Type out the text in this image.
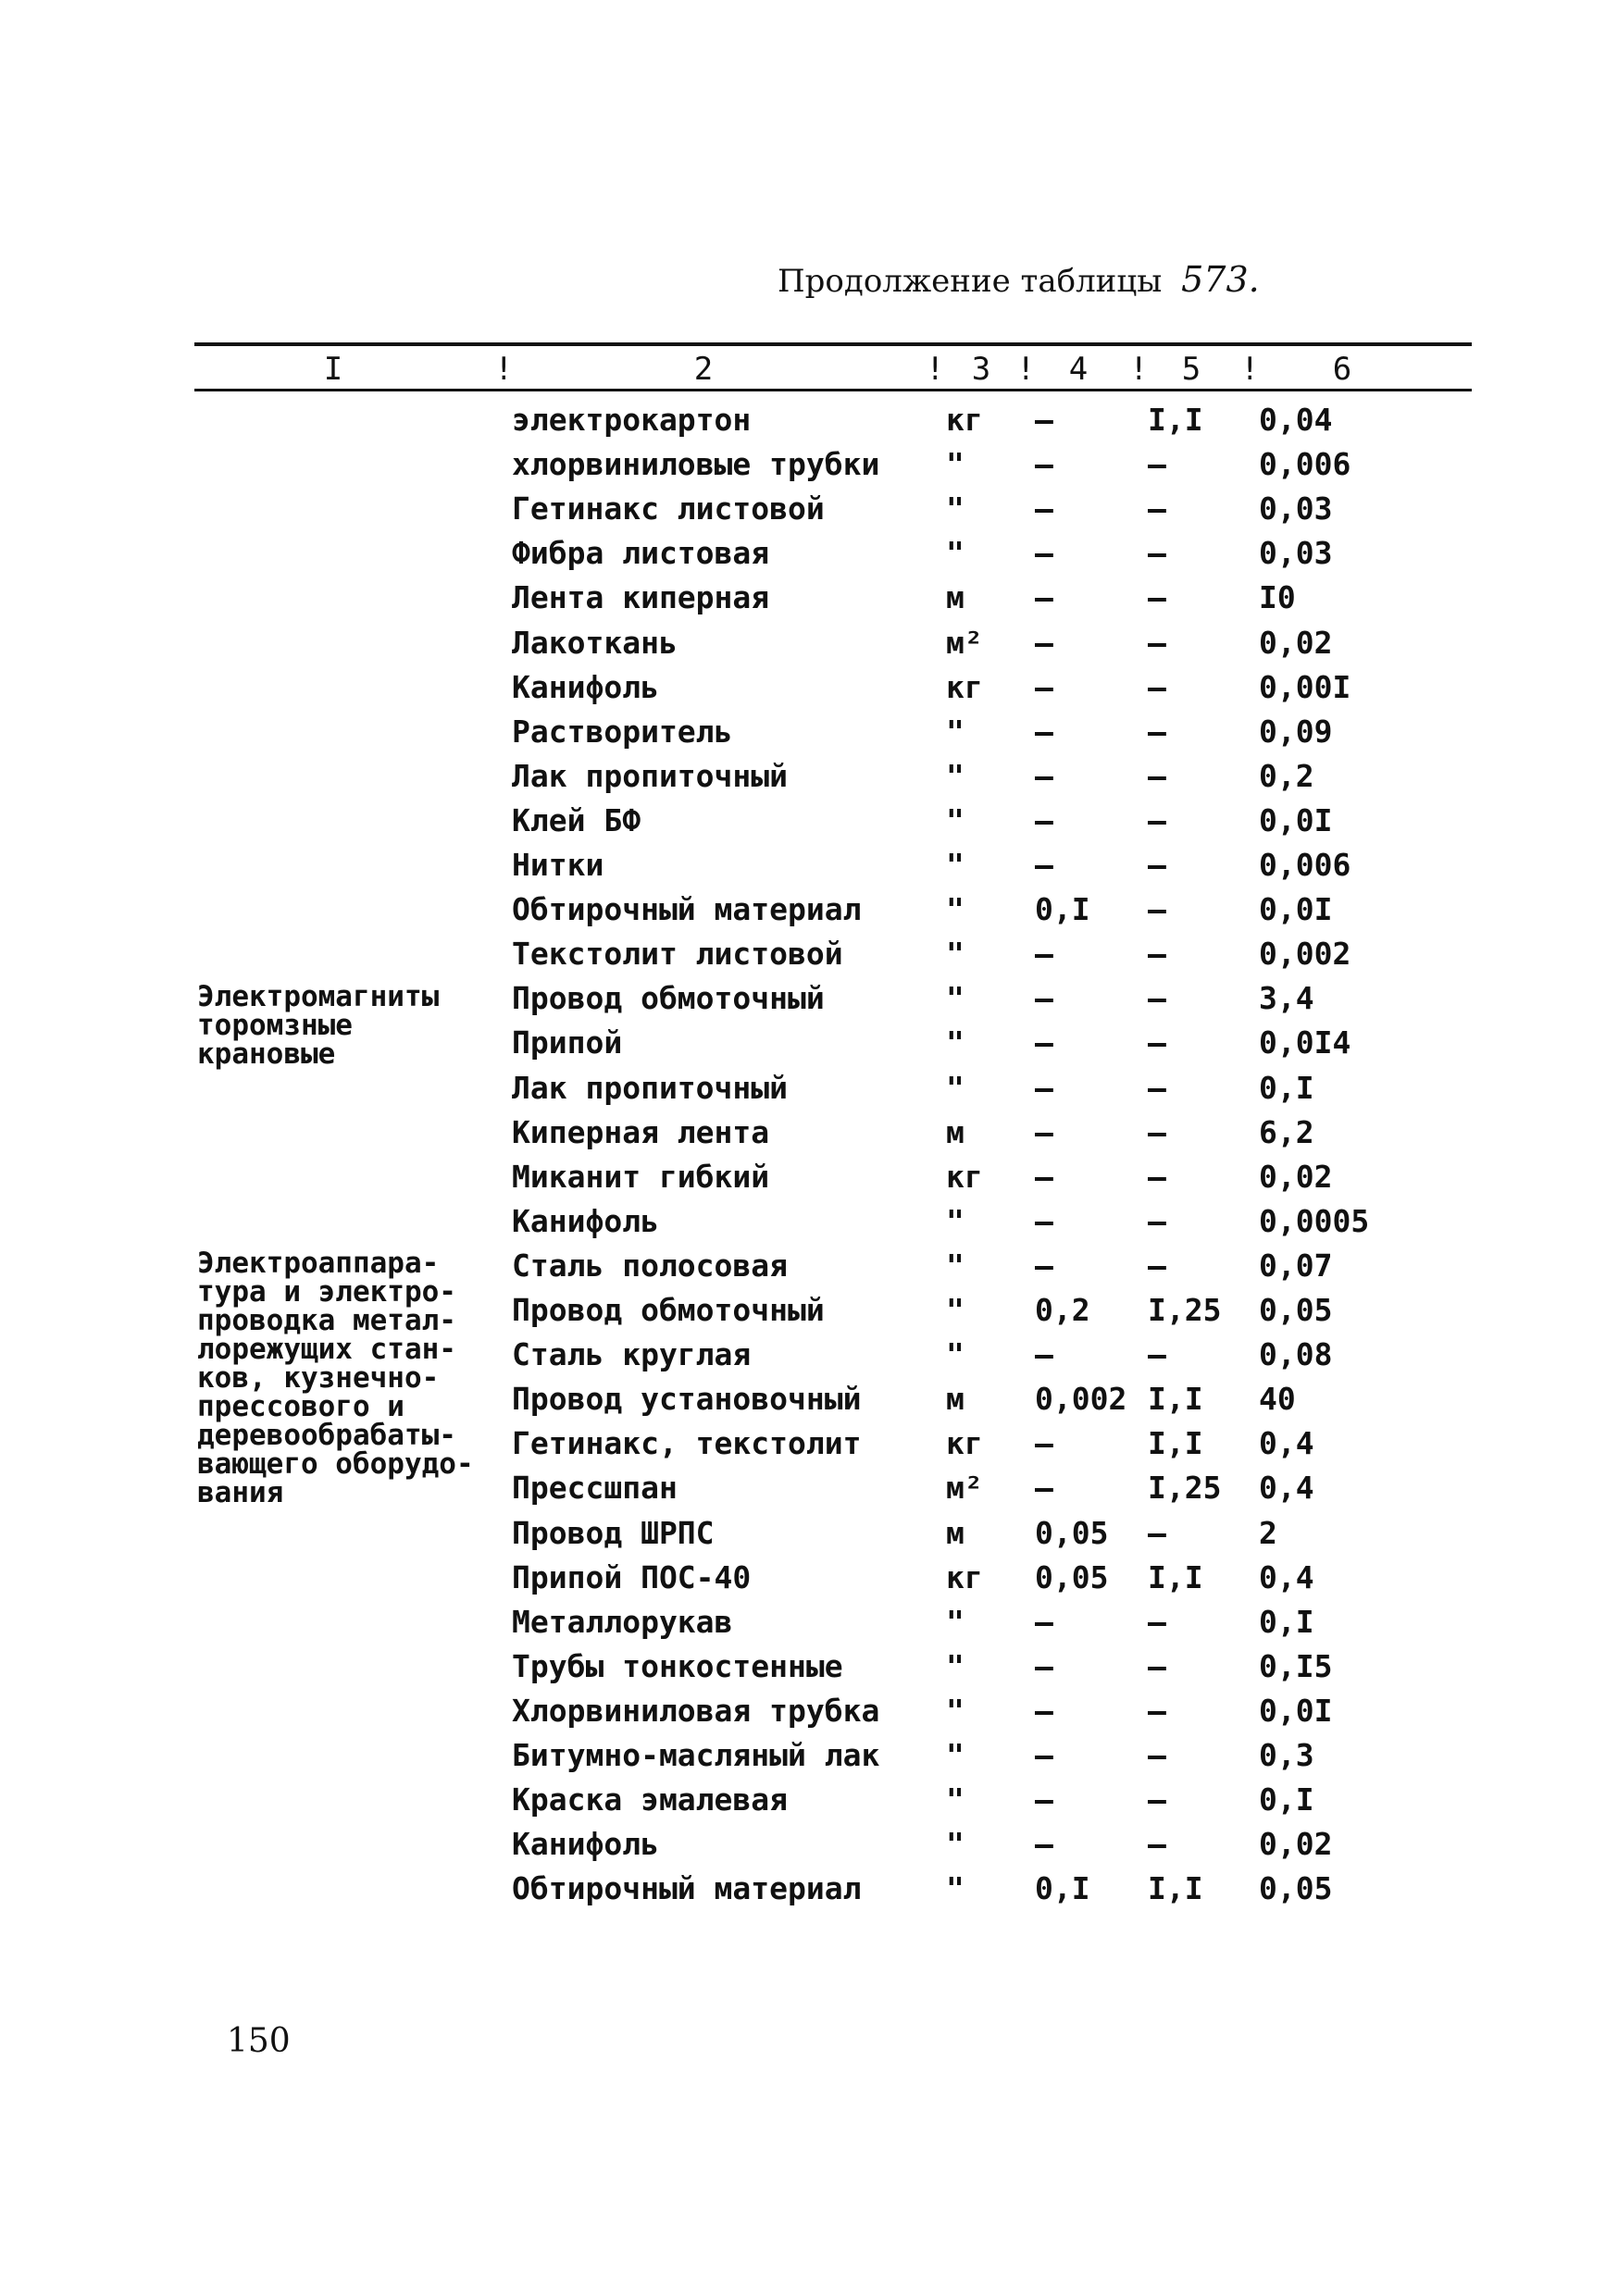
Продолжение таблицы 573.
I	!	2	! 3 !	4	!	5	!	6
Электромагниты
торомзные
крановые
Электроаппара-
тура и электро-
проводка метал-
лорежущих стан-
ков, кузнечно-
прессового и
деревообрабаты-
вающего оборудо-
вания
электрокартон	кг	–	I,I	0,04
хлорвиниловые трубки "	–	–	0,006
Гетинакс листовой	"	–	–	0,03
Фибра листовая	"	–	–	0,03
Лента киперная	м	–	–	I0
Лакоткань	м²	–	–	0,02
Канифоль	кг	–	–	0,00I
Растворитель	"	–	–	0,09
Лак пропиточный	"	–	–	0,2
Клей БФ	"	–	–	0,0I
Нитки	"	–	–	0,006
Обтирочный материал	"	0,I	–	0,0I
Текстолит листовой	"	–	–	0,002
Провод обмоточный	"	–	–	3,4
Припой	"	–	–	0,0I4
Лак пропиточный	"	–	–	0,I
Киперная лента	м	–	–	6,2
Миканит гибкий	кг	–	–	0,02
Канифоль	"	–	–	0,0005
Сталь полосовая	"	–	–	0,07
Провод обмоточный	"	0,2	I,25	0,05
Сталь круглая	"	–	–	0,08
Провод установочный	м	0,002 I,I	40
Гетинакс, текстолит	кг	–	I,I	0,4
Прессшпан	м²	–	I,25	0,4
Провод ШРПС	м	0,05	–	2
Припой ПОС-40	кг	0,05	I,I	0,4
Металлорукав	"	–	–	0,I
Трубы тонкостенные	"	–	–	0,I5
Хлорвиниловая трубка "	–	–	0,0I
Битумно-масляный лак "	–	–	0,3
Краска эмалевая	"	–	–	0,I
Канифоль	"	–	–	0,02
Обтирочный материал	"	0,I	I,I	0,05
150
